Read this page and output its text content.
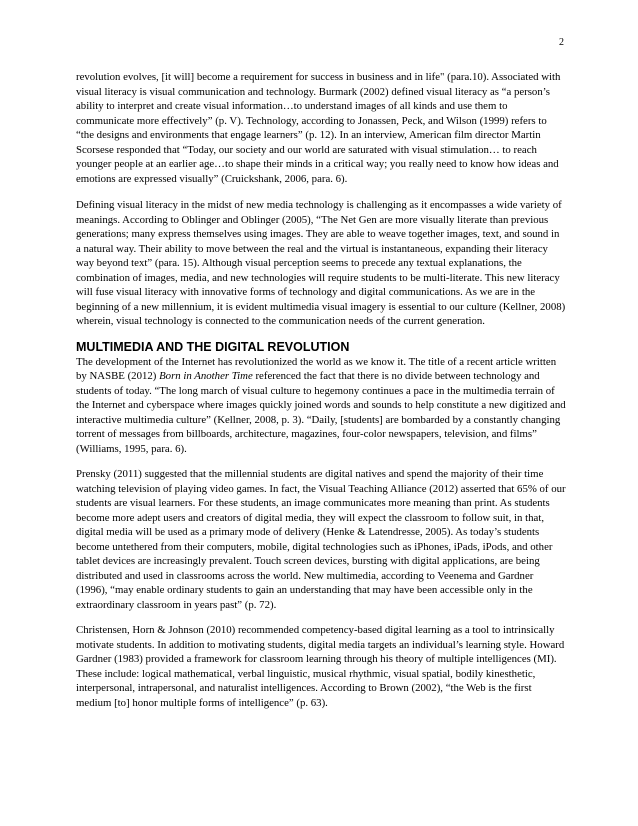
2

revolution evolves, [it will] become a requirement for success in business and in life" (para.10). Associated with visual literacy is visual communication and technology. Burmark (2002) defined visual literacy as “a person’s ability to interpret and create visual information…to understand images of all kinds and use them to communicate more effectively” (p. V). Technology, according to Jonassen, Peck, and Wilson (1999) refers to “the designs and environments that engage learners” (p. 12). In an interview, American film director Martin Scorsese responded that “Today, our society and our world are saturated with visual stimulation… to reach younger people at an earlier age…to shape their minds in a critical way; you really need to know how ideas and emotions are expressed visually” (Cruickshank, 2006, para. 6).

Defining visual literacy in the midst of new media technology is challenging as it encompasses a wide variety of meanings. According to Oblinger and Oblinger (2005), “The Net Gen are more visually literate than previous generations; many express themselves using images. They are able to weave together images, text, and sound in a natural way. Their ability to move between the real and the virtual is instantaneous, expanding their literacy way beyond text” (para. 15). Although visual perception seems to precede any textual explanations, the combination of images, media, and new technologies will require students to be multi-literate. This new literacy will fuse visual literacy with innovative forms of technology and digital communications. As we are in the beginning of a new millennium, it is evident multimedia visual imagery is essential to our culture (Kellner, 2008) wherein, visual technology is connected to the communication needs of the current generation.

MULTIMEDIA AND THE DIGITAL REVOLUTION

The development of the Internet has revolutionized the world as we know it. The title of a recent article written by NASBE (2012) Born in Another Time referenced the fact that there is no divide between technology and students of today. “The long march of visual culture to hegemony continues a pace in the multimedia terrain of the Internet and cyberspace where images quickly joined words and sounds to help constitute a new digitized and interactive multimedia culture” (Kellner, 2008, p. 3). “Daily, [students] are bombarded by a constantly changing torrent of messages from billboards, architecture, magazines, four-color newspapers, television, and films” (Williams, 1995, para. 6).

Prensky (2011) suggested that the millennial students are digital natives and spend the majority of their time watching television of playing video games. In fact, the Visual Teaching Alliance (2012) asserted that 65% of our students are visual learners. For these students, an image communicates more meaning than print. As students become more adept users and creators of digital media, they will expect the classroom to follow suit, in that, digital media will be used as a primary mode of delivery (Henke & Latendresse, 2005). As today’s students become untethered from their computers, mobile, digital technologies such as iPhones, iPads, iPods, and other tablet devices are increasingly prevalent. Touch screen devices, bursting with digital applications, are being distributed and used in classrooms across the world. New multimedia, according to Veenema and Gardner (1996), “may enable ordinary students to gain an understanding that may have been accessible only in the extraordinary classroom in years past” (p. 72).

Christensen, Horn & Johnson (2010) recommended competency-based digital learning as a tool to intrinsically motivate students. In addition to motivating students, digital media targets an individual’s learning style. Howard Gardner (1983) provided a framework for classroom learning through his theory of multiple intelligences (MI). These include: logical mathematical, verbal linguistic, musical rhythmic, visual spatial, bodily kinesthetic, interpersonal, intrapersonal, and naturalist intelligences. According to Brown (2002), “the Web is the first medium [to] honor multiple forms of intelligence” (p. 63).
